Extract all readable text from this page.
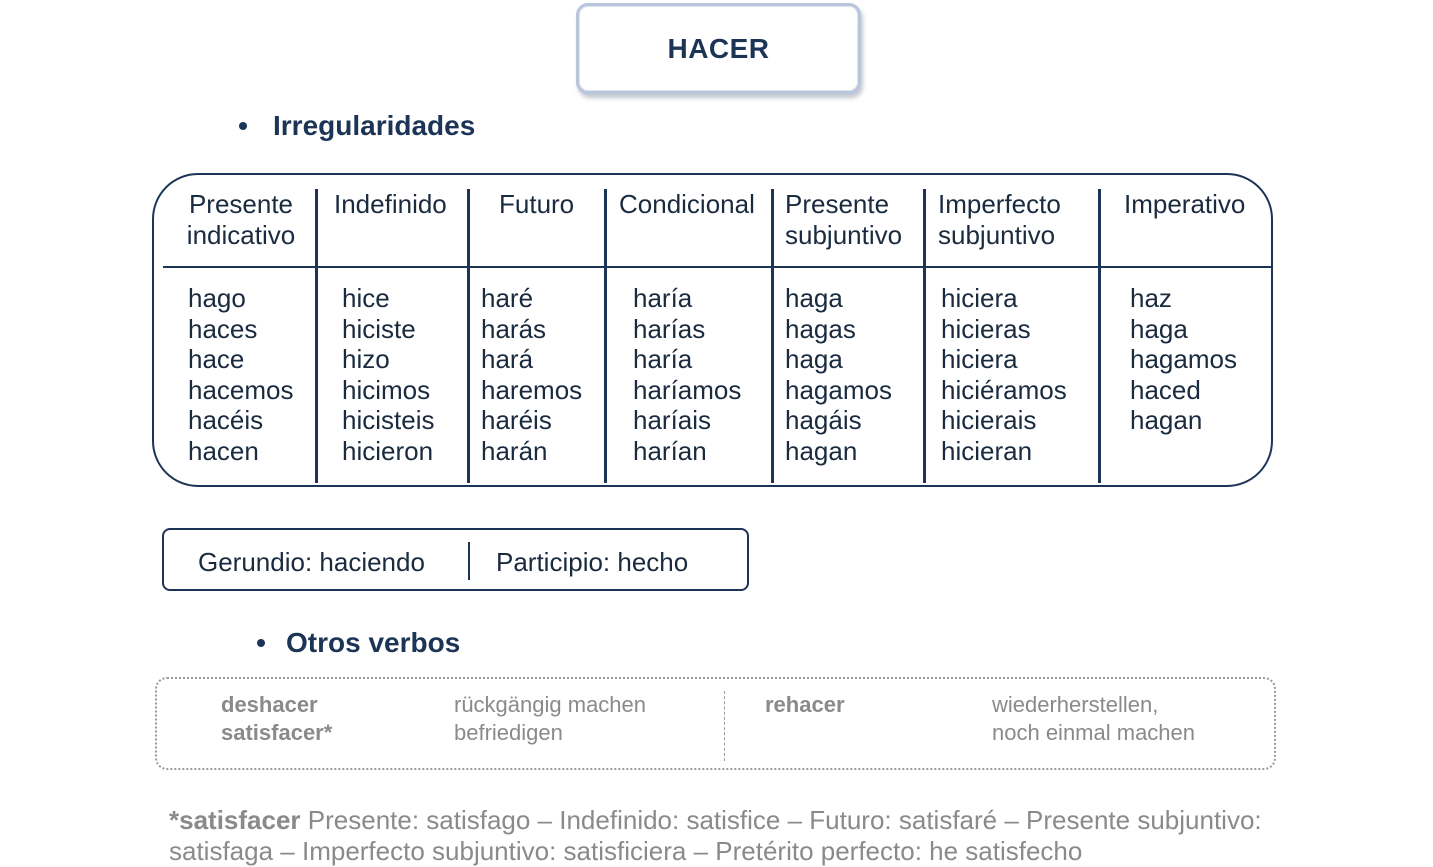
HACER
Irregularidades
Presente
indicativo
Indefinido Futuro Condicional Presente
subjuntivo
Imperfecto
subjuntivo
Imperativo
hago
haces
hace
hacemos
hacéis
hacen
hice
hiciste
hizo
hicimos
hicisteis
hicieron
haré
harás
hará
haremos
haréis
harán
haría
harías
haría
haríamos
haríais
harían
haga
hagas
haga
hagamos
hagáis
hagan
hiciera
hicieras
hiciera
hiciéramos
hicierais
hicieran
haz
haga
hagamos
haced
hagan
Gerundio: haciendo	Participio: hecho
Otros verbos
deshacer
satisfacer*
rückgängig machen
befriedigen
rehacer	wiederherstellen,
noch einmal machen
*satisfacer Presente: satisfago – Indefinido: satisfice – Futuro: satisfaré – Presente subjuntivo: satisfaga – Imperfecto subjuntivo: satisficiera – Pretérito perfecto: he satisfecho
